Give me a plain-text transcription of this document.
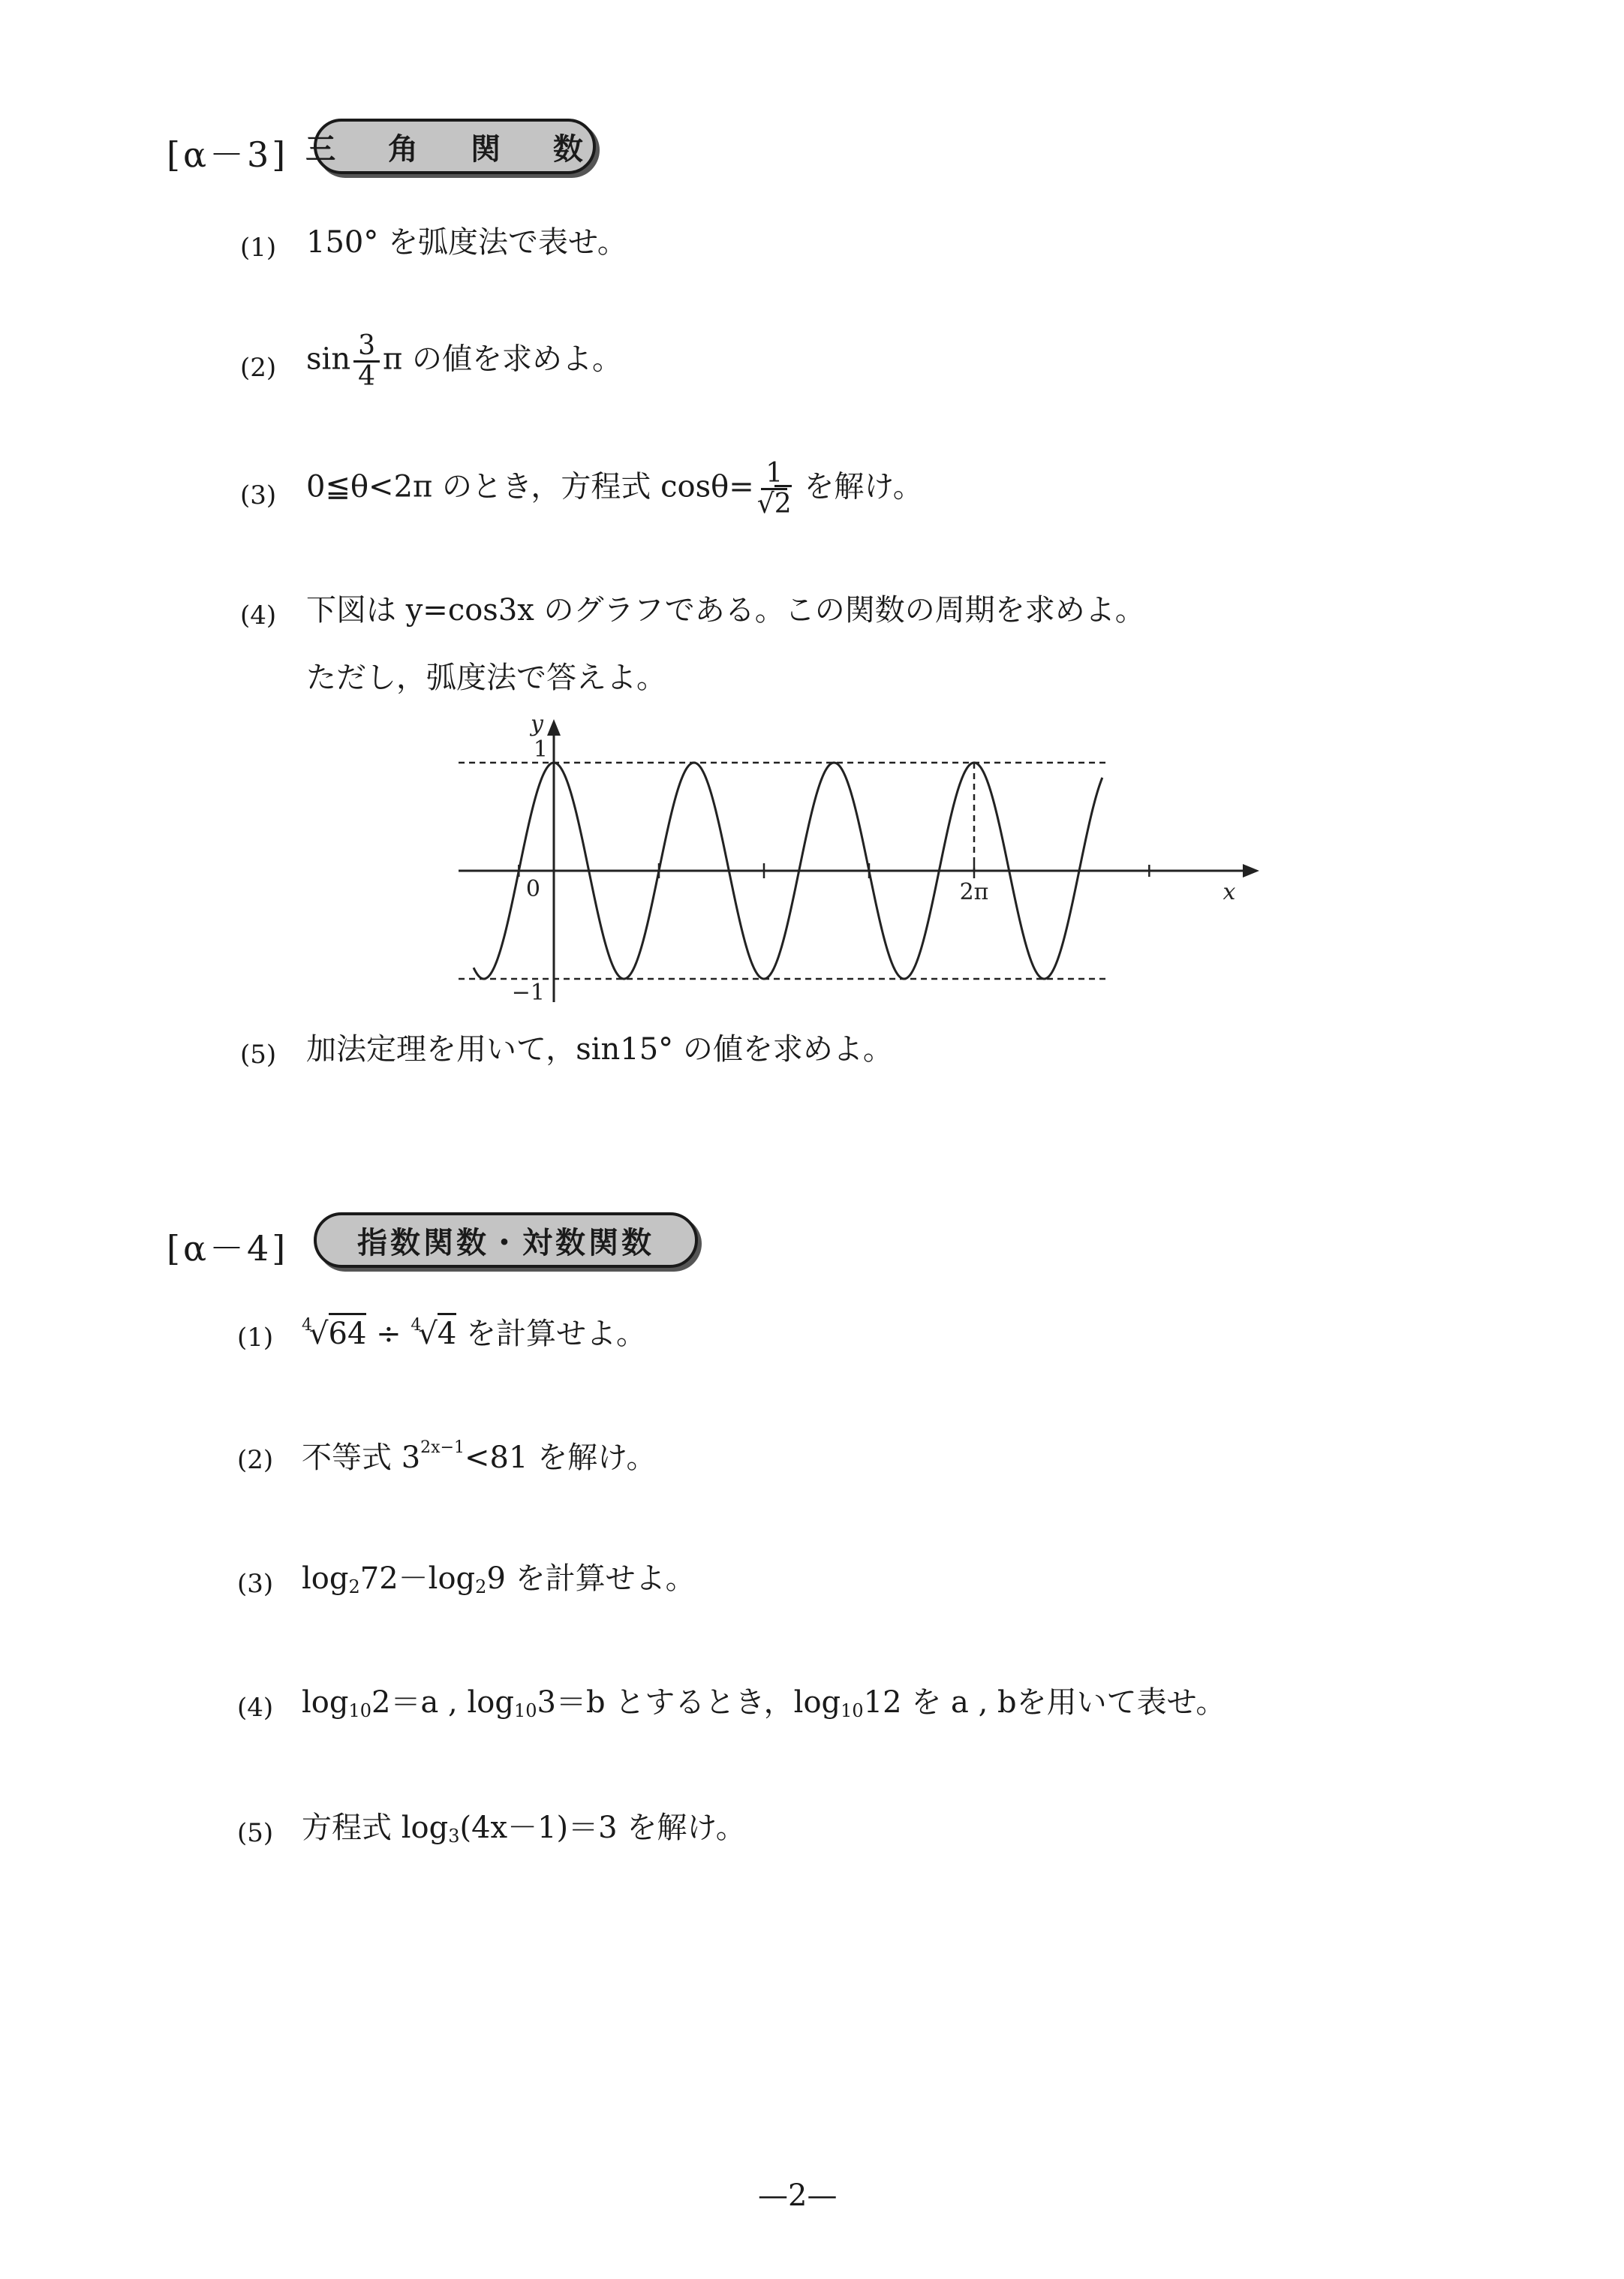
[α－3] 三 角 関 数
(1) 150° を弧度法で表せ。
(2) $\sin \frac{3}{4}$ π の値を求めよ。
(3) 0≦θ<2π のとき，方程式 $\cos\theta= \frac{1}{√2}$ を解け。
(4) 下図は y=cos3x のグラフである。この関数の周期を求めよ。
ただし，弧度法で答えよ。
y
1
0
−1
2π	x
(5) 加法定理を用いて，sin15° の値を求めよ。
[α－4]	指数関数・対数関数
(1) $^4$√64 ÷ $^4$√4 を計算せよ。
(2) 不等式 $3^{2x-1}<81$ を解け。
(3) $\log_272-\log_29$ を計算せよ。
(4) $\log_{10}2=a$ , $\log_{10}3=b$ とするとき，$\log_{10}12$ を a , bを用いて表せ。
(5) 方程式 $\log_3(4x-1)=3$ を解け。
—2—
